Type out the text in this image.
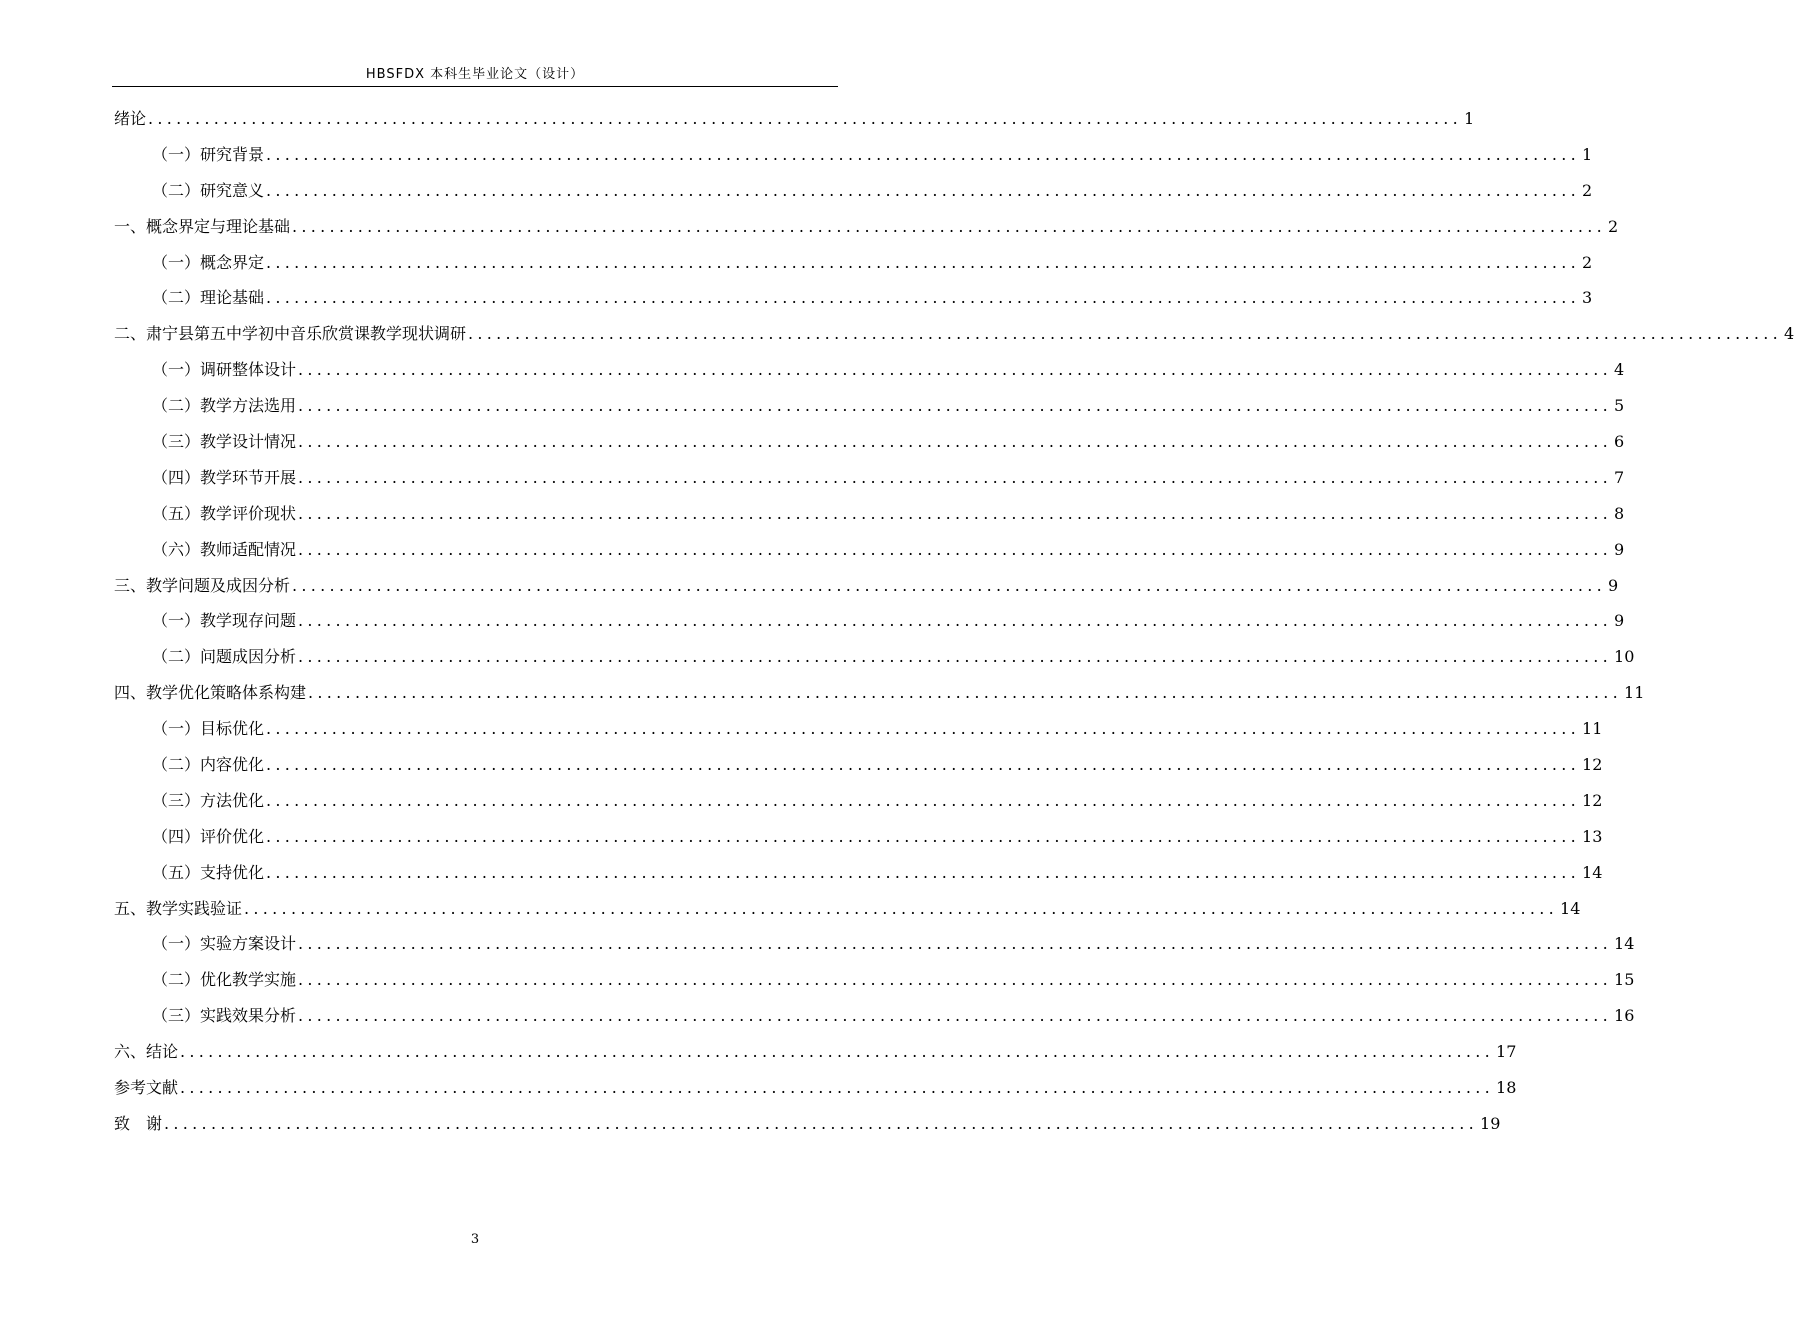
HBSFDX 本科生毕业论文（设计）
绪论 ............................................................................................................................................ 1
（一）研究背景 ............................................................................................................................................ 1
（二）研究意义 ............................................................................................................................................ 2
一、概念界定与理论基础 ............................................................................................................................................ 2
（一）概念界定 ............................................................................................................................................ 2
（二）理论基础 ............................................................................................................................................ 3
二、肃宁县第五中学初中音乐欣赏课教学现状调研 ............................................................................................................................................ 4
（一）调研整体设计 ............................................................................................................................................ 4
（二）教学方法选用 ............................................................................................................................................ 5
（三）教学设计情况 ............................................................................................................................................ 6
（四）教学环节开展 ............................................................................................................................................ 7
（五）教学评价现状 ............................................................................................................................................ 8
（六）教师适配情况 ............................................................................................................................................ 9
三、教学问题及成因分析 ............................................................................................................................................ 9
（一）教学现存问题 ............................................................................................................................................ 9
（二）问题成因分析 ............................................................................................................................................ 10
四、教学优化策略体系构建 ............................................................................................................................................ 11
（一）目标优化 ............................................................................................................................................ 11
（二）内容优化 ............................................................................................................................................ 12
（三）方法优化 ............................................................................................................................................ 12
（四）评价优化 ............................................................................................................................................ 13
（五）支持优化 ............................................................................................................................................ 14
五、教学实践验证 ............................................................................................................................................ 14
（一）实验方案设计 ............................................................................................................................................ 14
（二）优化教学实施 ............................................................................................................................................ 15
（三）实践效果分析 ............................................................................................................................................ 16
六、结论 ............................................................................................................................................ 17
参考文献 ............................................................................................................................................ 18
致　谢 ............................................................................................................................................ 19
3
